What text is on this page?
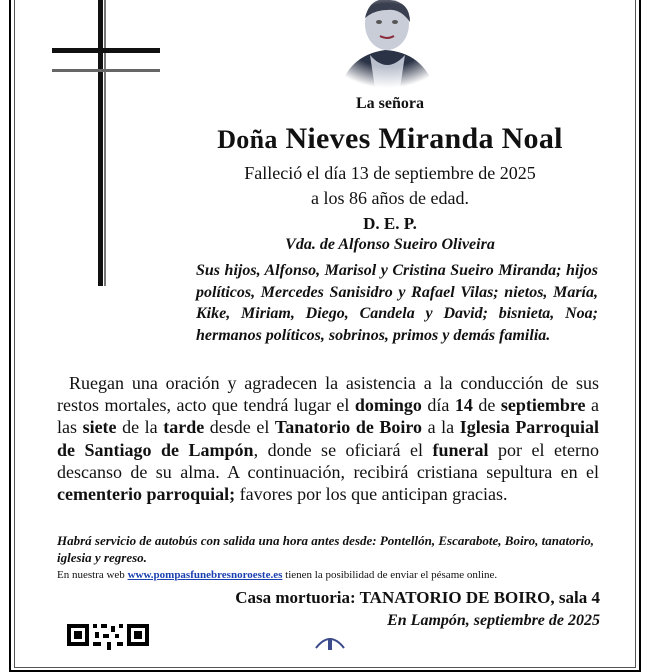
La señora
Doña Nieves Miranda Noal
Falleció el día 13 de septiembre de 2025
a los 86 años de edad.
D. E. P.
Vda. de Alfonso Sueiro Oliveira
Sus hijos, Alfonso, Marisol y Cristina Sueiro Miranda; hijos políticos, Mercedes Sanisidro y Rafael Vilas; nietos, María, Kike, Miriam, Diego, Candela y David; bisnieta, Noa; hermanos políticos, sobrinos, primos y demás familia.
Ruegan una oración y agradecen la asistencia a la conducción de sus restos mortales, acto que tendrá lugar el domingo día 14 de septiembre a las siete de la tarde desde el Tanatorio de Boiro a la Iglesia Parroquial de Santiago de Lampón, donde se oficiará el funeral por el eterno descanso de su alma. A continuación, recibirá cristiana sepultura en el cementerio parroquial; favores por los que anticipan gracias.
Habrá servicio de autobús con salida una hora antes desde: Pontellón, Escarabote, Boiro, tanatorio, iglesia y regreso.
En nuestra web www.pompasfunebresnoroeste.es tienen la posibilidad de enviar el pésame online.
Casa mortuoria: TANATORIO DE BOIRO, sala 4
En Lampón, septiembre de 2025
